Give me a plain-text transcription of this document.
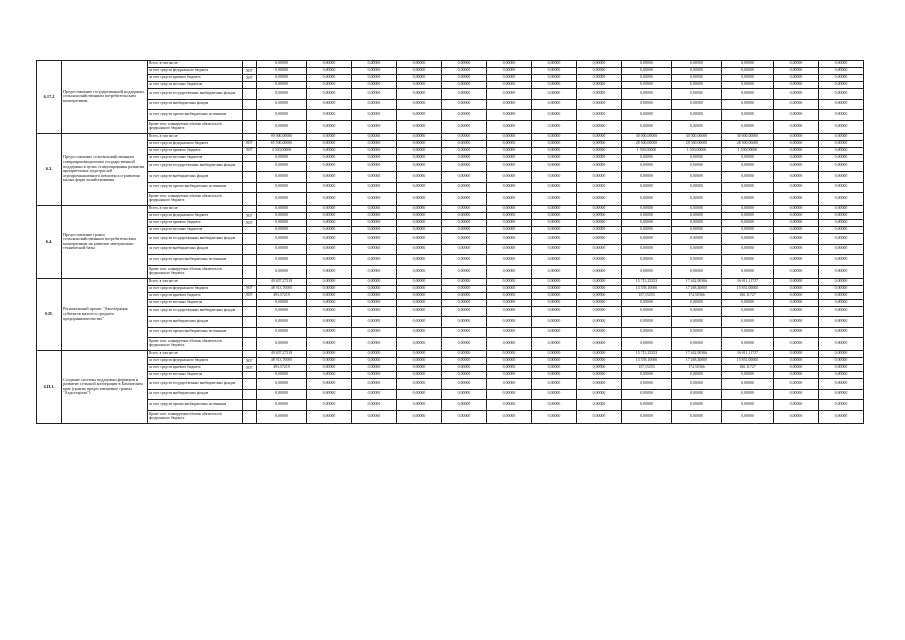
6.17.2	Предоставление государственной поддержки сельскохозяйственным потребительским кооперативам	Всего, в том числе:		0,00000	0,00000	0,00000	0,00000	0,00000	0,00000	0,00000	0,00000	0,00000	0,00000	0,00000	0,00000	0,00000
		за счет средств федерального бюджета	807	0,00000	0,00000	0,00000	0,00000	0,00000	0,00000	0,00000	0,00000	0,00000	0,00000	0,00000	0,00000	0,00000
		за счет средств краевого бюджета	807	0,00000	0,00000	0,00000	0,00000	0,00000	0,00000	0,00000	0,00000	0,00000	0,00000	0,00000	0,00000	0,00000
		за счет средств местных бюджетов		0,00000	0,00000	0,00000	0,00000	0,00000	0,00000	0,00000	0,00000	0,00000	0,00000	0,00000	0,00000	0,00000
		за счет средств государственных внебюджетных фондов		0,00000	0,00000	0,00000	0,00000	0,00000	0,00000	0,00000	0,00000	0,00000	0,00000	0,00000	0,00000	0,00000
		за счет средств внебюджетных фондов		0,00000	0,00000	0,00000	0,00000	0,00000	0,00000	0,00000	0,00000	0,00000	0,00000	0,00000	0,00000	0,00000
		за счет средств прочих внебюджетных источников		0,00000	0,00000	0,00000	0,00000	0,00000	0,00000	0,00000	0,00000	0,00000	0,00000	0,00000	0,00000	0,00000
		Кроме того, планируемые объемы обязательств федерального бюджета		0,00000	0,00000	0,00000	0,00000	0,00000	0,00000	0,00000	0,00000	0,00000	0,00000	0,00000	0,00000	0,00000
6.3.	Предоставление сельскохозяйственным товаропроизводителям государственной поддержки в целях стимулирования развития приоритетных подотраслей агропромышленного комплекса и развития малых форм хозяйствования	Всего, в том числе:		90 000,00000	0,00000	0,00000	0,00000	0,00000	0,00000	0,00000	0,00000	30 000,00000	30 000,00000	30 000,00000	0,00000	0,00000
		за счет средств федерального бюджета	807	85 500,00000	0,00000	0,00000	0,00000	0,00000	0,00000	0,00000	0,00000	28 500,00000	28 500,00000	28 500,00000	0,00000	0,00000
		за счет средств краевого бюджета	807	4 500,00000	0,00000	0,00000	0,00000	0,00000	0,00000	0,00000	0,00000	1 500,00000	1 500,00000	1 500,00000	0,00000	0,00000
		за счет средств местных бюджетов		0,00000	0,00000	0,00000	0,00000	0,00000	0,00000	0,00000	0,00000	0,00000	0,00000	0,00000	0,00000	0,00000
		за счет средств государственных внебюджетных фондов		0,00000	0,00000	0,00000	0,00000	0,00000	0,00000	0,00000	0,00000	0,00000	0,00000	0,00000	0,00000	0,00000
		за счет средств внебюджетных фондов		0,00000	0,00000	0,00000	0,00000	0,00000	0,00000	0,00000	0,00000	0,00000	0,00000	0,00000	0,00000	0,00000
		за счет средств прочих внебюджетных источников		0,00000	0,00000	0,00000	0,00000	0,00000	0,00000	0,00000	0,00000	0,00000	0,00000	0,00000	0,00000	0,00000
		Кроме того, планируемые объемы обязательств федерального бюджета		0,00000	0,00000	0,00000	0,00000	0,00000	0,00000	0,00000	0,00000	0,00000	0,00000	0,00000	0,00000	0,00000
6.4.	Предоставление гранта сельскохозяйственным потребительским кооперативам на развитие материально-технической базы	Всего, в том числе:		0,00000	0,00000	0,00000	0,00000	0,00000	0,00000	0,00000	0,00000	0,00000	0,00000	0,00000	0,00000	0,00000
		за счет средств федерального бюджета	807	0,00000	0,00000	0,00000	0,00000	0,00000	0,00000	0,00000	0,00000	0,00000	0,00000	0,00000	0,00000	0,00000
		за счет средств краевого бюджета	807	0,00000	0,00000	0,00000	0,00000	0,00000	0,00000	0,00000	0,00000	0,00000	0,00000	0,00000	0,00000	0,00000
		за счет средств местных бюджетов		0,00000	0,00000	0,00000	0,00000	0,00000	0,00000	0,00000	0,00000	0,00000	0,00000	0,00000	0,00000	0,00000
		за счет средств государственных внебюджетных фондов		0,00000	0,00000	0,00000	0,00000	0,00000	0,00000	0,00000	0,00000	0,00000	0,00000	0,00000	0,00000	0,00000
		за счет средств внебюджетных фондов		0,00000	0,00000	0,00000	0,00000	0,00000	0,00000	0,00000	0,00000	0,00000	0,00000	0,00000	0,00000	0,00000
		за счет средств прочих внебюджетных источников		0,00000	0,00000	0,00000	0,00000	0,00000	0,00000	0,00000	0,00000	0,00000	0,00000	0,00000	0,00000	0,00000
		Кроме того, планируемые объемы обязательств федерального бюджета		0,00000	0,00000	0,00000	0,00000	0,00000	0,00000	0,00000	0,00000	0,00000	0,00000	0,00000	0,00000	0,00000
6.П.	Региональный проект "Акселерация субъектов малого и среднего предпринимательства"	Всего, в том числе:		49 407,27219	0,00000	0,00000	0,00000	0,00000	0,00000	0,00000	0,00000	15 715,25253	17 442,90366	16 011,11727	0,00000	0,00000
		за счет средств федерального бюджета	807	48 913,70000	0,00000	0,00000	0,00000	0,00000	0,00000	0,00000	0,00000	15 558,10000	17 268,40000	15 851,00000	0,00000	0,00000
		за счет средств краевого бюджета	807	493,57219	0,00000	0,00000	0,00000	0,00000	0,00000	0,00000	0,00000	157,15253	174,50366	160,11727	0,00000	0,00000
		за счет средств местных бюджетов		0,00000	0,00000	0,00000	0,00000	0,00000	0,00000	0,00000	0,00000	0,00000	0,00000	0,00000	0,00000	0,00000
		за счет средств государственных внебюджетных фондов		0,00000	0,00000	0,00000	0,00000	0,00000	0,00000	0,00000	0,00000	0,00000	0,00000	0,00000	0,00000	0,00000
		за счет средств внебюджетных фондов		0,00000	0,00000	0,00000	0,00000	0,00000	0,00000	0,00000	0,00000	0,00000	0,00000	0,00000	0,00000	0,00000
		за счет средств прочих внебюджетных источников		0,00000	0,00000	0,00000	0,00000	0,00000	0,00000	0,00000	0,00000	0,00000	0,00000	0,00000	0,00000	0,00000
		Кроме того, планируемые объемы обязательств федерального бюджета		0,00000	0,00000	0,00000	0,00000	0,00000	0,00000	0,00000	0,00000	0,00000	0,00000	0,00000	0,00000	0,00000
6.П.1.	Создание системы поддержки фермеров и развитие сельской кооперации в Камчатском крае (гранты предоставляемые гранты "Агростартап")	Всего, в том числе:		49 407,27219	0,00000	0,00000	0,00000	0,00000	0,00000	0,00000	0,00000	15 715,25253	17 442,90366	16 011,11727	0,00000	0,00000
		за счет средств федерального бюджета	807	48 913,70000	0,00000	0,00000	0,00000	0,00000	0,00000	0,00000	0,00000	15 558,10000	17 268,40000	15 851,00000	0,00000	0,00000
		за счет средств краевого бюджета	807	493,57219	0,00000	0,00000	0,00000	0,00000	0,00000	0,00000	0,00000	157,15253	174,50366	160,11727	0,00000	0,00000
		за счет средств местных бюджетов		0,00000	0,00000	0,00000	0,00000	0,00000	0,00000	0,00000	0,00000	0,00000	0,00000	0,00000	0,00000	0,00000
		за счет средств государственных внебюджетных фондов		0,00000	0,00000	0,00000	0,00000	0,00000	0,00000	0,00000	0,00000	0,00000	0,00000	0,00000	0,00000	0,00000
		за счет средств внебюджетных фондов		0,00000	0,00000	0,00000	0,00000	0,00000	0,00000	0,00000	0,00000	0,00000	0,00000	0,00000	0,00000	0,00000
		за счет средств прочих внебюджетных источников		0,00000	0,00000	0,00000	0,00000	0,00000	0,00000	0,00000	0,00000	0,00000	0,00000	0,00000	0,00000	0,00000
		Кроме того, планируемые объемы обязательств федерального бюджета		0,00000	0,00000	0,00000	0,00000	0,00000	0,00000	0,00000	0,00000	0,00000	0,00000	0,00000	0,00000	0,00000
